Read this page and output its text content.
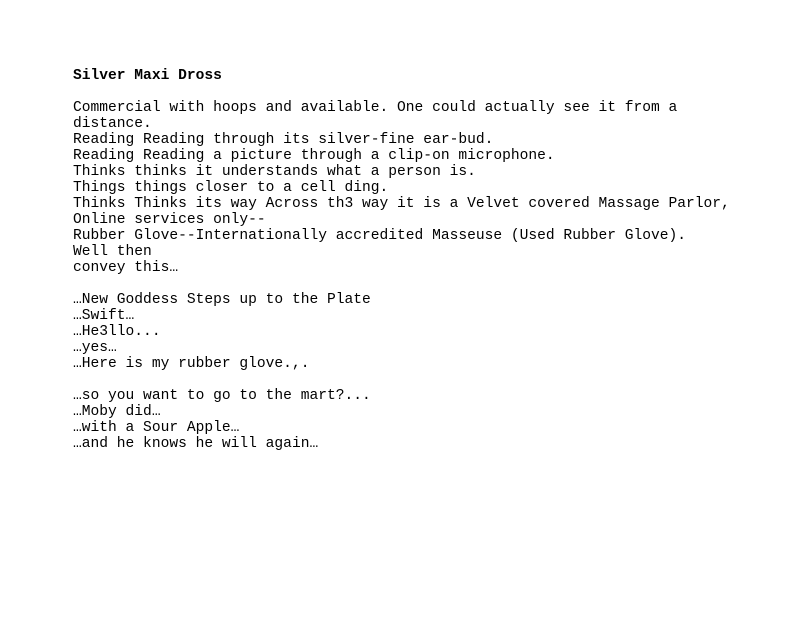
Silver Maxi Dross
Commercial with hoops and available. One could actually see it from a distance.
Reading Reading through its silver-fine ear-bud.
Reading Reading a picture through a clip-on microphone.
Thinks thinks it understands what a person is.
Things things closer to a cell ding.
Thinks Thinks its way Across th3 way it is a Velvet covered Massage Parlor, Online services only--
Rubber Glove--Internationally accredited Masseuse (Used Rubber Glove).
Well then
convey this…
…New Goddess Steps up to the Plate
…Swift…
…He3llo...
…yes…
…Here is my rubber glove.,.
…so you want to go to the mart?...
…Moby did…
…with a Sour Apple…
…and he knows he will again…
